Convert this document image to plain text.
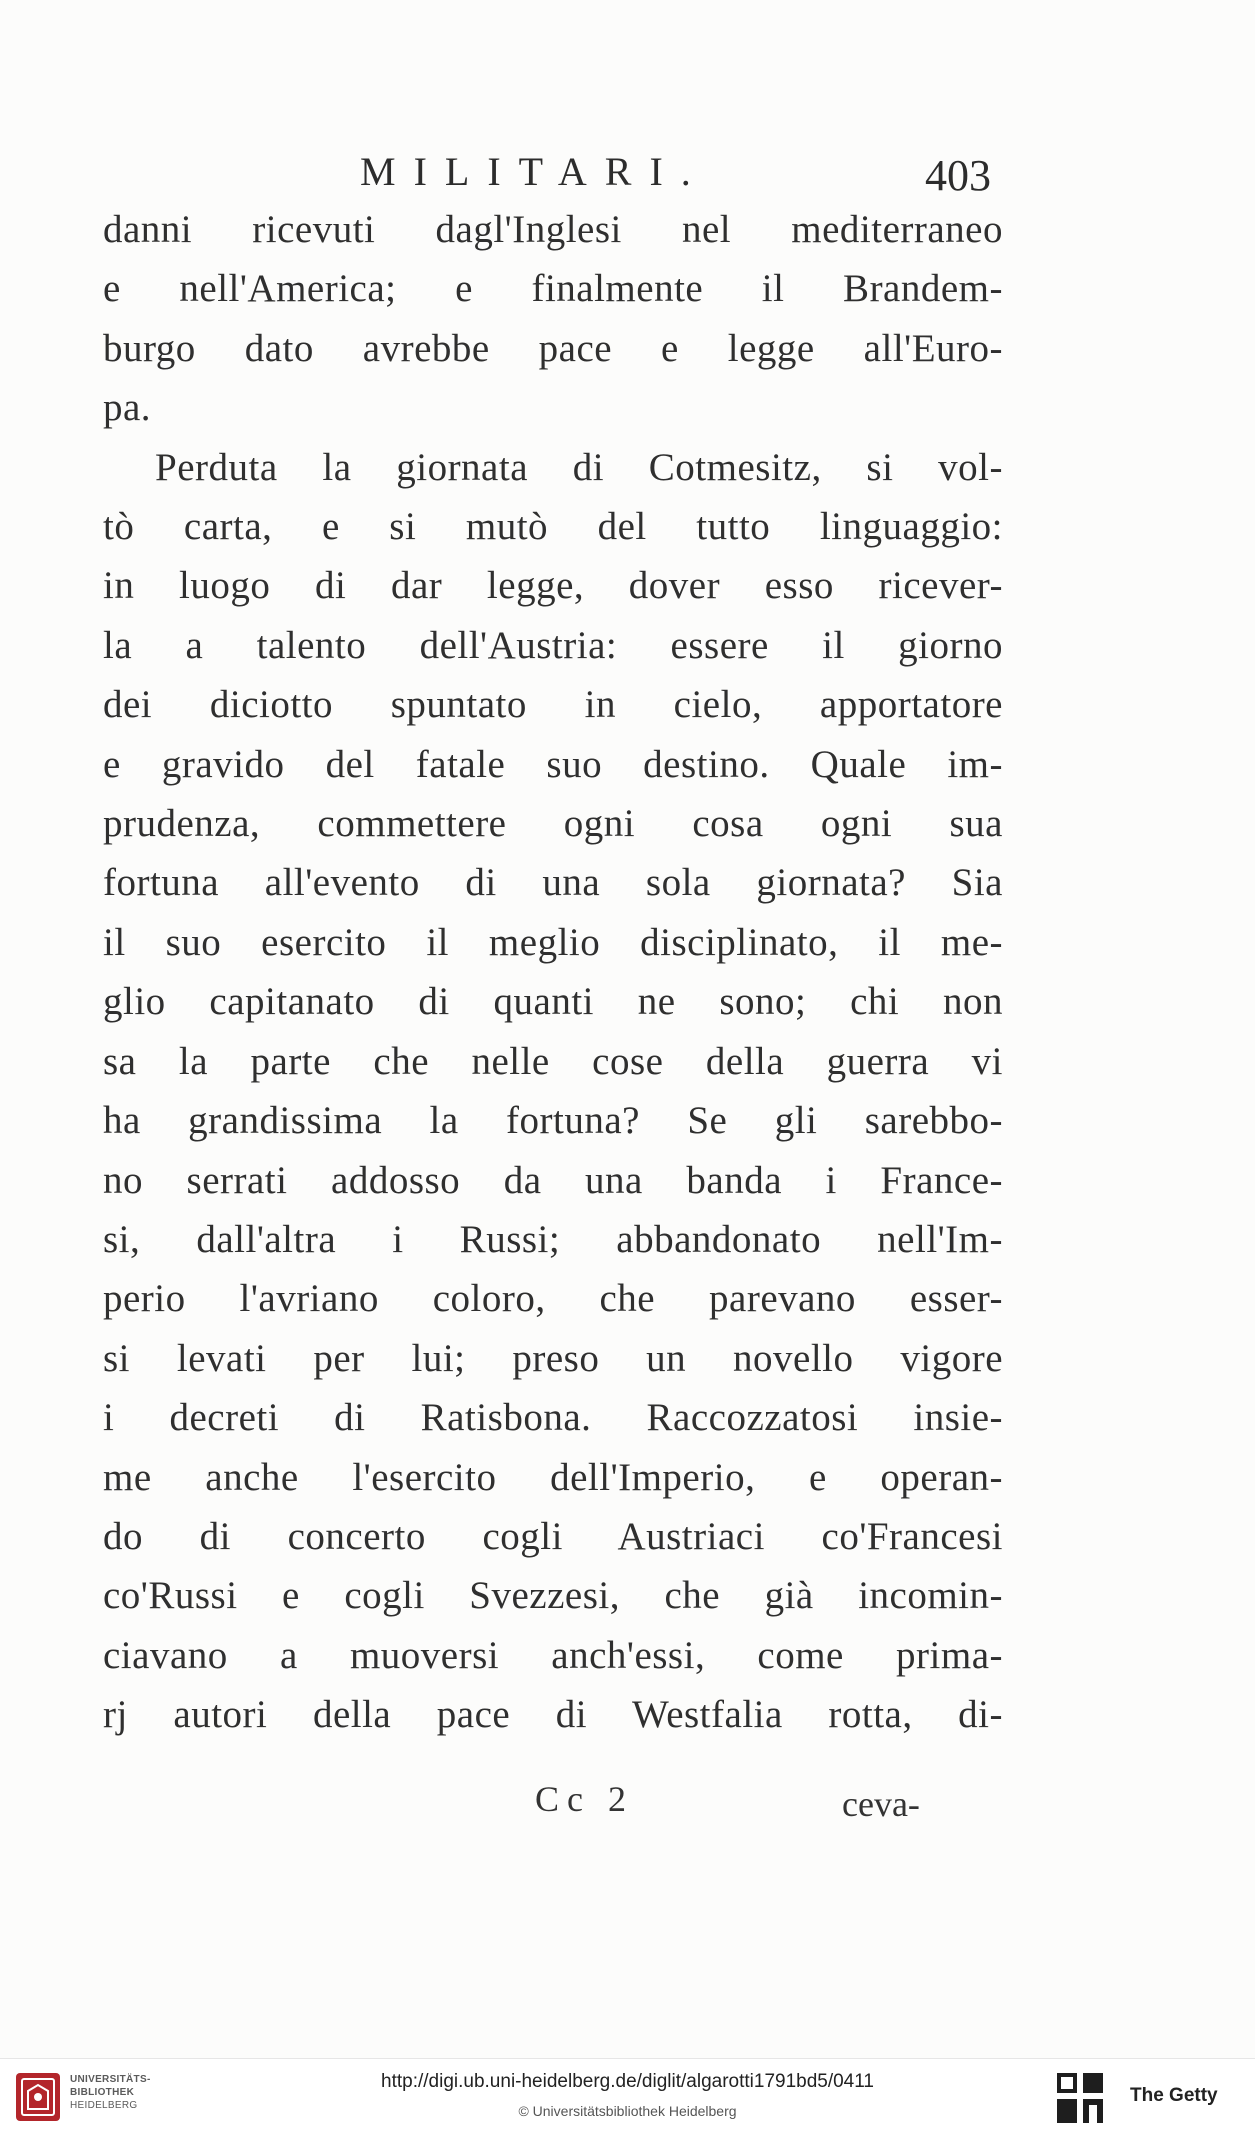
MILITARI.	403
danni ricevuti dagl'Inglesi nel mediterraneo
e nell'America; e finalmente il Brandem-
burgo dato avrebbe pace e legge all'Euro-
pa.
Perduta la giornata di Cotmesitz, si vol-
tò carta, e si mutò del tutto linguaggio:
in luogo di dar legge, dover esso ricever-
la a talento dell'Austria: essere il giorno
dei diciotto spuntato in cielo, apportatore
e gravido del fatale suo destino. Quale im-
prudenza, commettere ogni cosa ogni sua
fortuna all'evento di una sola giornata? Sia
il suo esercito il meglio disciplinato, il me-
glio capitanato di quanti ne sono; chi non
sa la parte che nelle cose della guerra vi
ha grandissima la fortuna? Se gli sarebbo-
no serrati addosso da una banda i France-
si, dall'altra i Russi; abbandonato nell'Im-
perio l'avriano coloro, che parevano esser-
si levati per lui; preso un novello vigore
i decreti di Ratisbona. Raccozzatosi insie-
me anche l'esercito dell'Imperio, e operan-
do di concerto cogli Austriaci co'Francesi
co'Russi e cogli Svezzesi, che già incomin-
ciavano a muoversi anch'essi, come prima-
rj autori della pace di Westfalia rotta, di-
Cc 2	ceva-
UNIVERSITÄTS-
BIBLIOTHEK
HEIDELBERG
http://digi.ub.uni-heidelberg.de/diglit/algarotti1791bd5/0411
© Universitätsbibliothek Heidelberg
The Getty
